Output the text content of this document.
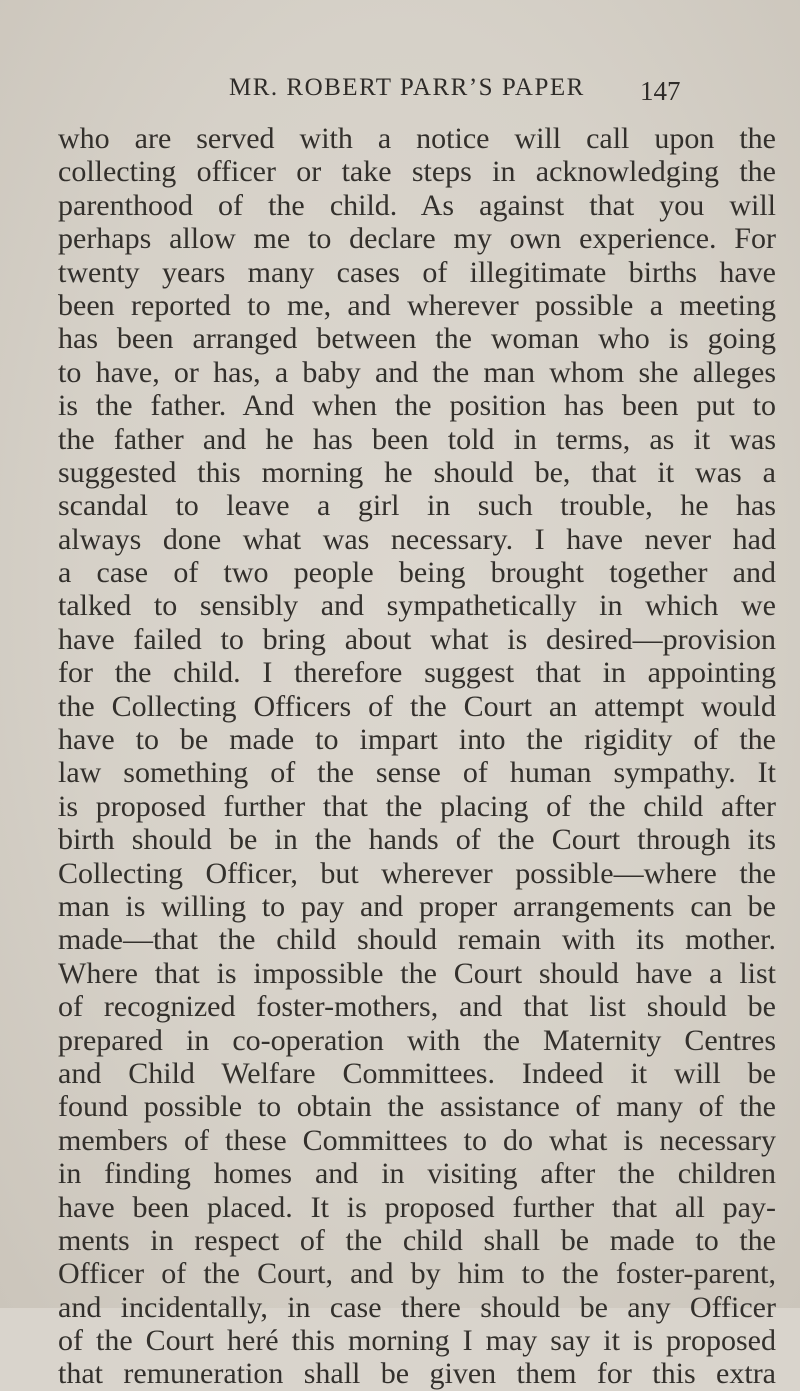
MR. ROBERT PARR’S PAPER 147
who are served with a notice will call upon the
collecting officer or take steps in acknowledging the
parenthood of the child. As against that you will
perhaps allow me to declare my own experience. For
twenty years many cases of illegitimate births have
been reported to me, and wherever possible a meeting
has been arranged between the woman who is going
to have, or has, a baby and the man whom she alleges
is the father. And when the position has been put to
the father and he has been told in terms, as it was
suggested this morning he should be, that it was a
scandal to leave a girl in such trouble, he has
always done what was necessary. I have never had
a case of two people being brought together and
talked to sensibly and sympathetically in which we
have failed to bring about what is desired—provision
for the child. I therefore suggest that in appointing
the Collecting Officers of the Court an attempt would
have to be made to impart into the rigidity of the
law something of the sense of human sympathy. It
is proposed further that the placing of the child after
birth should be in the hands of the Court through its
Collecting Officer, but wherever possible—where the
man is willing to pay and proper arrangements can be
made—that the child should remain with its mother.
Where that is impossible the Court should have a list
of recognized foster-mothers, and that list should be
prepared in co-operation with the Maternity Centres
and Child Welfare Committees. Indeed it will be
found possible to obtain the assistance of many of the
members of these Committees to do what is necessary
in finding homes and in visiting after the children
have been placed. It is proposed further that all pay-
ments in respect of the child shall be made to the
Officer of the Court, and by him to the foster-parent,
and incidentally, in case there should be any Officer
of the Court heré this morning I may say it is proposed
that remuneration shall be given them for this extra
